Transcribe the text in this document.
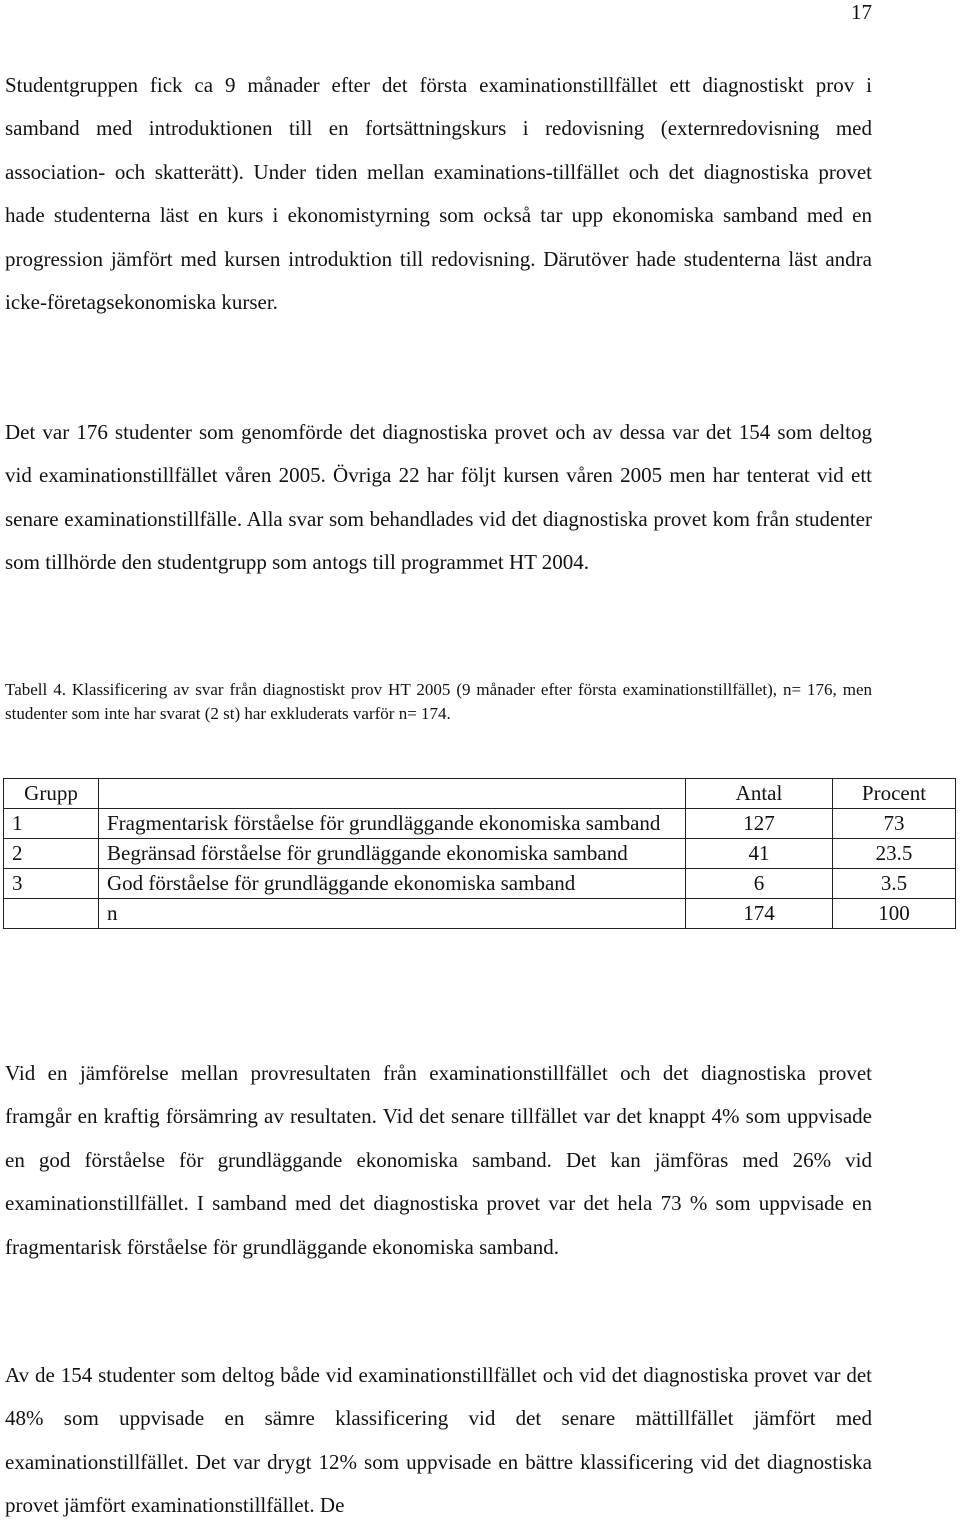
17

Studentgruppen fick ca 9 månader efter det första examinationstillfället ett diagnostiskt prov i samband med introduktionen till en fortsättningskurs i redovisning (externredovisning med association- och skatterätt). Under tiden mellan examinations-tillfället och det diagnostiska provet hade studenterna läst en kurs i ekonomistyrning som också tar upp ekonomiska samband med en progression jämfört med kursen introduktion till redovisning. Därutöver hade studenterna läst andra icke-företagsekonomiska kurser.

Det var 176 studenter som genomförde det diagnostiska provet och av dessa var det 154 som deltog vid examinationstillfället våren 2005. Övriga 22 har följt kursen våren 2005 men har tenterat vid ett senare examinationstillfälle. Alla svar som behandlades vid det diagnostiska provet kom från studenter som tillhörde den studentgrupp som antogs till programmet HT 2004.

Tabell 4. Klassificering av svar från diagnostiskt prov HT 2005 (9 månader efter första examinationstillfället), n= 176, men studenter som inte har svarat (2 st) har exkluderats varför n= 174.

Grupp		Antal	Procent
1	Fragmentarisk förståelse för grundläggande ekonomiska samband	127	73
2	Begränsad förståelse för grundläggande ekonomiska samband	41	23.5
3	God förståelse för grundläggande ekonomiska samband	6	3.5
	n	174	100

Vid en jämförelse mellan provresultaten från examinationstillfället och det diagnostiska provet framgår en kraftig försämring av resultaten. Vid det senare tillfället var det knappt 4% som uppvisade en god förståelse för grundläggande ekonomiska samband. Det kan jämföras med 26% vid examinationstillfället. I samband med det diagnostiska provet var det hela 73 % som uppvisade en fragmentarisk förståelse för grundläggande ekonomiska samband.

Av de 154 studenter som deltog både vid examinationstillfället och vid det diagnostiska provet var det 48% som uppvisade en sämre klassificering vid det senare mättillfället jämfört med examinationstillfället. Det var drygt 12% som uppvisade en bättre klassificering vid det diagnostiska provet jämfört examinationstillfället. De
